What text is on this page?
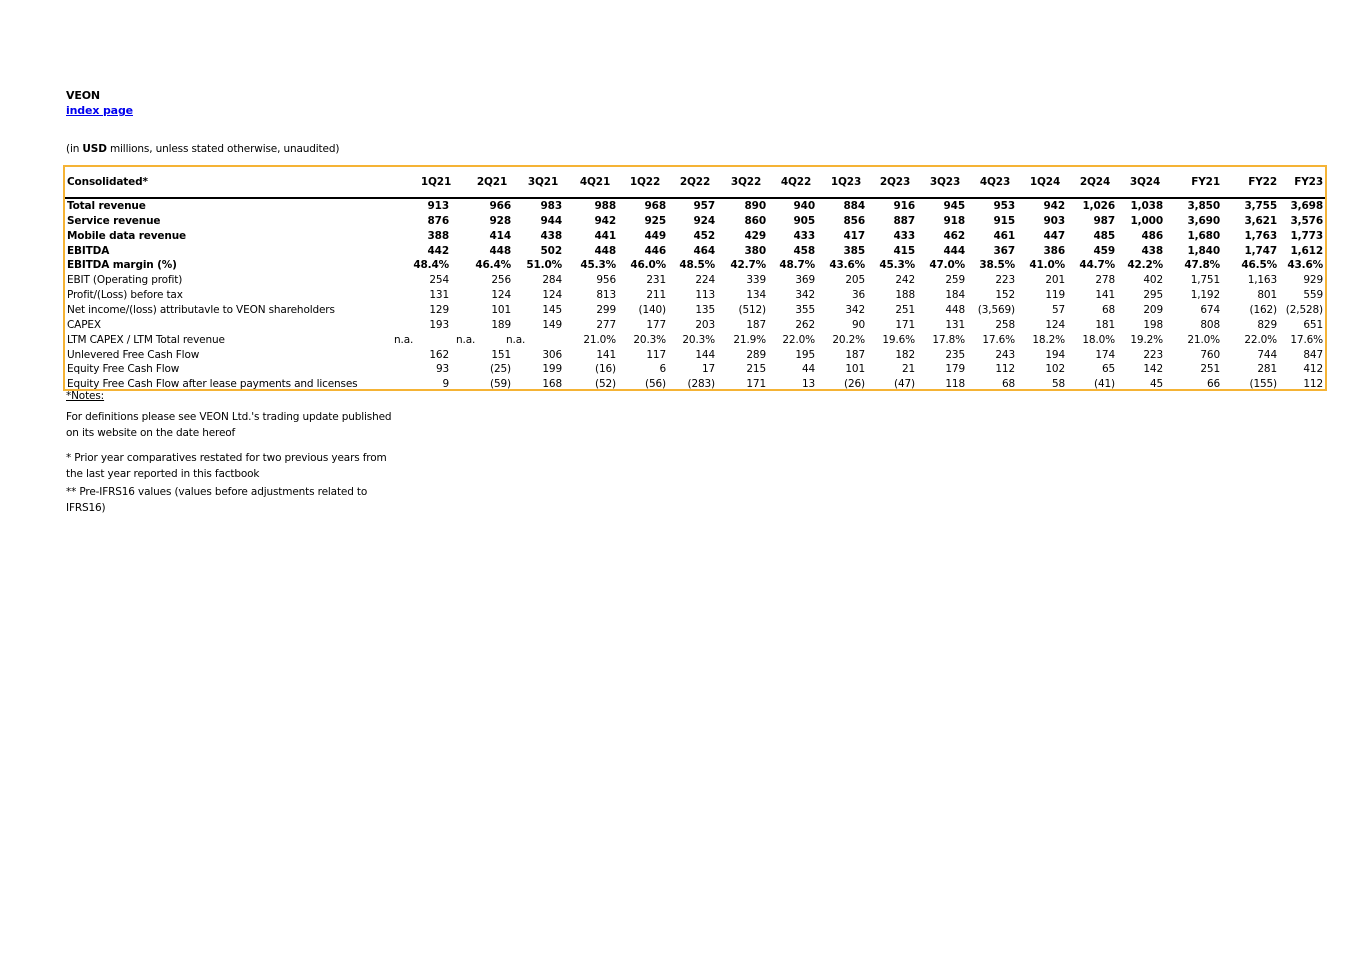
VEON
index page
(in USD millions, unless stated otherwise, unaudited)
Consolidated*	1Q21	2Q21	3Q21	4Q21	1Q22	2Q22	3Q22	4Q22	1Q23	2Q23	3Q23	4Q23	1Q24	2Q24	3Q24	FY21	FY22	FY23
Total revenue	913	966	983	988	968	957	890	940	884	916	945	953	942	1,026	1,038	3,850	3,755	3,698
Service revenue	876	928	944	942	925	924	860	905	856	887	918	915	903	987	1,000	3,690	3,621	3,576
Mobile data revenue	388	414	438	441	449	452	429	433	417	433	462	461	447	485	486	1,680	1,763	1,773
EBITDA	442	448	502	448	446	464	380	458	385	415	444	367	386	459	438	1,840	1,747	1,612
EBITDA margin (%)	48.4%	46.4%	51.0%	45.3%	46.0%	48.5%	42.7%	48.7%	43.6%	45.3%	47.0%	38.5%	41.0%	44.7%	42.2%	47.8%	46.5% 43.6%
EBIT (Operating profit)	254	256	284	956	231	224	339	369	205	242	259	223	201	278	402	1,751	1,163	929
Profit/(Loss) before tax	131	124	124	813	211	113	134	342	36	188	184	152	119	141	295	1,192	801	559
Net income/(loss) attributavle to VEON shareholders	129	101	145	299	(140)	135	(512)	355	342	251	448	(3,569)	57	68	209	674	(162) (2,528)
CAPEX	193	189	149	277	177	203	187	262	90	171	131	258	124	181	198	808	829	651
LTM CAPEX / LTM Total revenue	n.a.	n.a.	n.a.	21.0%	20.3%	20.3%	21.9%	22.0%	20.2%	19.6%	17.8%	17.6%	18.2%	18.0%	19.2%	21.0%	22.0%	17.6%
Unlevered Free Cash Flow	162	151	306	141	117	144	289	195	187	182	235	243	194	174	223	760	744	847
Equity Free Cash Flow	93	(25)	199	(16)	6	17	215	44	101	21	179	112	102	65	142	251	281	412
Equity Free Cash Flow after lease payments and licenses	9	(59)	168	(52)	(56)	(283)	171	13	(26)	(47)	118	68	58	(41)	45	66	(155)	112
*Notes:
For definitions please see VEON Ltd.'s trading update published on its website on the date hereof
* Prior year comparatives restated for two previous years from the last year reported in this factbook
** Pre-IFRS16 values (values before adjustments related to IFRS16)
